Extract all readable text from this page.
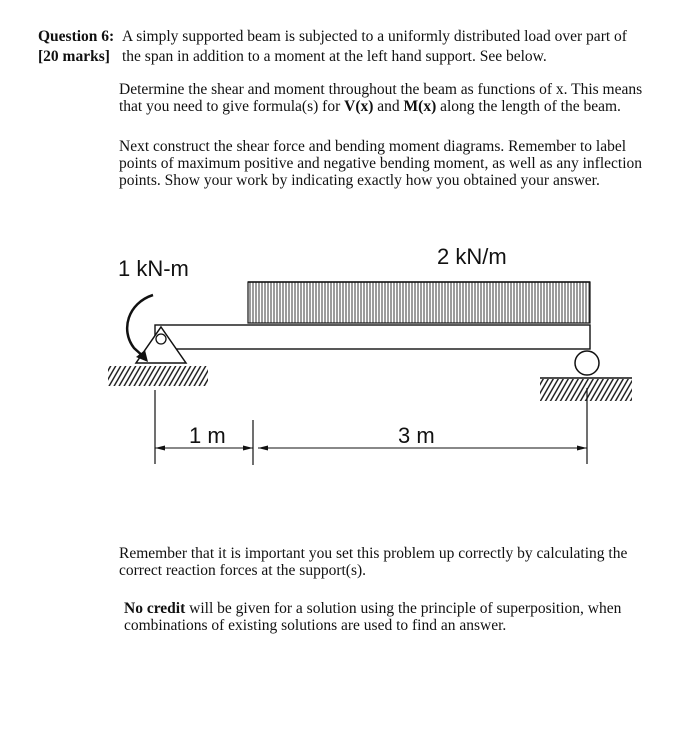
Question 6: A simply supported beam is subjected to a uniformly distributed load over part of
[20 marks] the span in addition to a moment at the left hand support. See below.
Determine the shear and moment throughout the beam as functions of x. This means
that you need to give formula(s) for V(x) and M(x) along the length of the beam.
Next construct the shear force and bending moment diagrams. Remember to label
points of maximum positive and negative bending moment, as well as any inflection
points. Show your work by indicating exactly how you obtained your answer.
1 kN-m	2 kN/m
1 m	3 m
Remember that it is important you set this problem up correctly by calculating the
correct reaction forces at the support(s).
No credit will be given for a solution using the principle of superposition, when
combinations of existing solutions are used to find an answer.
